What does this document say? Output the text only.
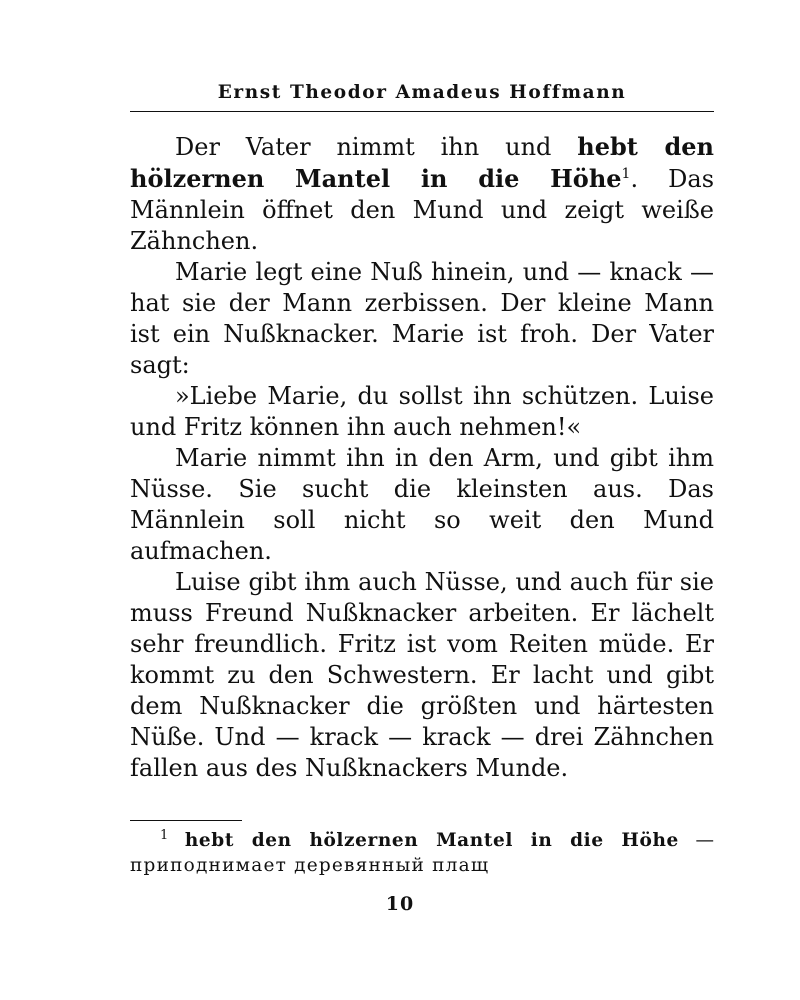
Ernst Theodor Amadeus Hoffmann

Der Vater nimmt ihn und hebt den hölzernen Mantel in die Höhe$^1$. Das Männlein öffnet den Mund und zeigt weiße Zähnchen.

Marie legt eine Nuß hinein, und — knack — hat sie der Mann zerbissen. Der kleine Mann ist ein Nußknacker. Marie ist froh. Der Vater sagt:

»Liebe Marie, du sollst ihn schützen. Luise und Fritz können ihn auch nehmen!«

Marie nimmt ihn in den Arm, und gibt ihm Nüsse. Sie sucht die kleinsten aus. Das Männlein soll nicht so weit den Mund aufmachen.

Luise gibt ihm auch Nüsse, und auch für sie muss Freund Nußknacker arbeiten. Er lächelt sehr freundlich. Fritz ist vom Reiten müde. Er kommt zu den Schwestern. Er lacht und gibt dem Nußknacker die größten und härtesten Nüße. Und — krack — krack — drei Zähnchen fallen aus des Nußknackers Munde.

$^1$ hebt den hölzernen Mantel in die Höhe — приподнимает деревянный плащ
10
